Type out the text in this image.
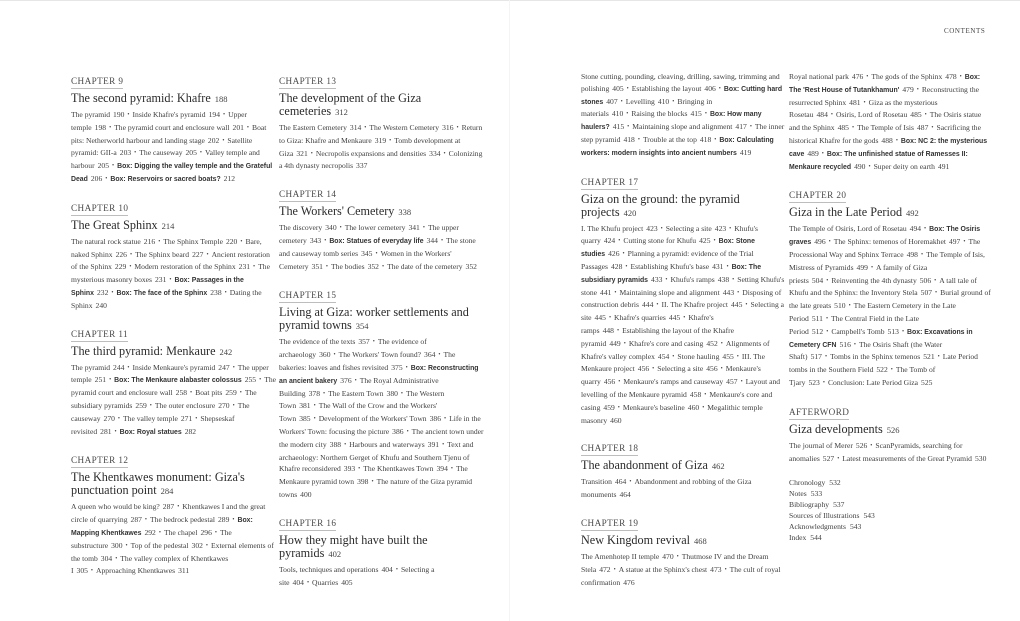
CONTENTS
CHAPTER 9
The second pyramid: Khafre 188
The pyramid 190 • Inside Khafre's pyramid 194 • Upper temple 198 • The pyramid court and enclosure wall 201 • Boat pits: Netherworld harbour and landing stage 202 • Satellite pyramid: GII-a 203 • The causeway 205 • Valley temple and harbour 205 • Box: Digging the valley temple and the Grateful Dead 206 • Box: Reservoirs or sacred boats? 212
CHAPTER 10
The Great Sphinx 214
The natural rock statue 216 • The Sphinx Temple 220 • Bare, naked Sphinx 226 • The Sphinx beard 227 • Ancient restoration of the Sphinx 229 • Modern restoration of the Sphinx 231 • The mysterious masonry boxes 231 • Box: Passages in the Sphinx 232 • Box: The face of the Sphinx 238 • Dating the Sphinx 240
CHAPTER 11
The third pyramid: Menkaure 242
The pyramid 244 • Inside Menkaure's pyramid 247 • The upper temple 251 • Box: The Menkaure alabaster colossus 255 • The pyramid court and enclosure wall 258 • Boat pits 259 • The subsidiary pyramids 259 • The outer enclosure 270 • The causeway 270 • The valley temple 271 • Shepseskaf revisited 281 • Box: Royal statues 282
CHAPTER 12
The Khentkawes monument: Giza's punctuation point 284
A queen who would be king? 287 • Khentkawes I and the great circle of quarrying 287 • The bedrock pedestal 289 • Box: Mapping Khentkawes 292 • The chapel 296 • The substructure 300 • Top of the pedestal 302 • External elements of the tomb 304 • The valley complex of Khentkawes I 305 • Approaching Khentkawes 311
CHAPTER 13
The development of the Giza cemeteries 312
The Eastern Cemetery 314 • The Western Cemetery 316 • Return to Giza: Khafre and Menkaure 319 • Tomb development at Giza 321 • Necropolis expansions and densities 334 • Colonizing a 4th dynasty necropolis 337
CHAPTER 14
The Workers' Cemetery 338
The discovery 340 • The lower cemetery 341 • The upper cemetery 343 • Box: Statues of everyday life 344 • The stone and causeway tomb series 345 • Women in the Workers' Cemetery 351 • The bodies 352 • The date of the cemetery 352
CHAPTER 15
Living at Giza: worker settlements and pyramid towns 354
The evidence of the texts 357 • The evidence of archaeology 360 • The Workers' Town found? 364 • The bakeries: loaves and fishes revisited 375 • Box: Reconstructing an ancient bakery 376 • The Royal Administrative Building 378 • The Eastern Town 380 • The Western Town 381 • The Wall of the Crow and the Workers' Town 385 • Development of the Workers' Town 386 • Life in the Workers' Town: focusing the picture 386 • The ancient town under the modern city 388 • Harbours and waterways 391 • Text and archaeology: Northern Gerget of Khufu and Southern Tjenu of Khafre reconsidered 393 • The Khentkawes Town 394 • The Menkaure pyramid town 398 • The nature of the Giza pyramid towns 400
CHAPTER 16
How they might have built the pyramids 402
Tools, techniques and operations 404 • Selecting a site 404 • Quarries 405
Stone cutting, pounding, cleaving, drilling, sawing, trimming and polishing 405 • Establishing the layout 406 • Box: Cutting hard stones 407 • Levelling 410 • Bringing in materials 410 • Raising the blocks 415 • Box: How many haulers? 415 • Maintaining slope and alignment 417 • The inner step pyramid 418 • Trouble at the top 418 • Box: Calculating workers: modern insights into ancient numbers 419
CHAPTER 17
Giza on the ground: the pyramid projects 420
I. The Khufu project 423 • Selecting a site 423 • Khufu's quarry 424 • Cutting stone for Khufu 425 • Box: Stone studies 426 • Planning a pyramid: evidence of the Trial Passages 428 • Establishing Khufu's base 431 • Box: The subsidiary pyramids 433 • Khufu's ramps 438 • Setting Khufu's stone 441 • Maintaining slope and alignment 443 • Disposing of construction debris 444 • II. The Khafre project 445 • Selecting a site 445 • Khafre's quarries 445 • Khafre's ramps 448 • Establishing the layout of the Khafre pyramid 449 • Khafre's core and casing 452 • Alignments of Khafre's valley complex 454 • Stone hauling 455 • III. The Menkaure project 456 • Selecting a site 456 • Menkaure's quarry 456 • Menkaure's ramps and causeway 457 • Layout and levelling of the Menkaure pyramid 458 • Menkaure's core and casing 459 • Menkaure's baseline 460 • Megalithic temple masonry 460
CHAPTER 18
The abandonment of Giza 462
Transition 464 • Abandonment and robbing of the Giza monuments 464
CHAPTER 19
New Kingdom revival 468
The Amenhotep II temple 470 • Thutmose IV and the Dream Stela 472 • A statue at the Sphinx's chest 473 • The cult of royal confirmation 476
Royal national park 476 • The gods of the Sphinx 478 • Box: The 'Rest House of Tutankhamun' 479 • Reconstructing the resurrected Sphinx 481 • Giza as the mysterious Rosetau 484 • Osiris, Lord of Rosetau 485 • The Osiris statue and the Sphinx 485 • The Temple of Isis 487 • Sacrificing the historical Khafre for the gods 488 • Box: NC 2: the mysterious cave 489 • Box: The unfinished statue of Ramesses II: Menkaure recycled 490 • Super deity on earth 491
CHAPTER 20
Giza in the Late Period 492
The Temple of Osiris, Lord of Rosetau 494 • Box: The Osiris graves 496 • The Sphinx: temenos of Horemakhet 497 • The Processional Way and Sphinx Terrace 498 • The Temple of Isis, Mistress of Pyramids 499 • A family of Giza priests 504 • Reinventing the 4th dynasty 506 • A tall tale of Khufu and the Sphinx: the Inventory Stela 507 • Burial ground of the late greats 510 • The Eastern Cemetery in the Late Period 511 • The Central Field in the Late Period 512 • Campbell's Tomb 513 • Box: Excavations in Cemetery CFN 516 • The Osiris Shaft (the Water Shaft) 517 • Tombs in the Sphinx temenos 521 • Late Period tombs in the Southern Field 522 • The Tomb of Tjary 523 • Conclusion: Late Period Giza 525
AFTERWORD
Giza developments 526
The journal of Merer 526 • ScanPyramids, searching for anomalies 527 • Latest measurements of the Great Pyramid 530
Chronology 532
Notes 533
Bibliography 537
Sources of Illustrations 543
Acknowledgments 543
Index 544
